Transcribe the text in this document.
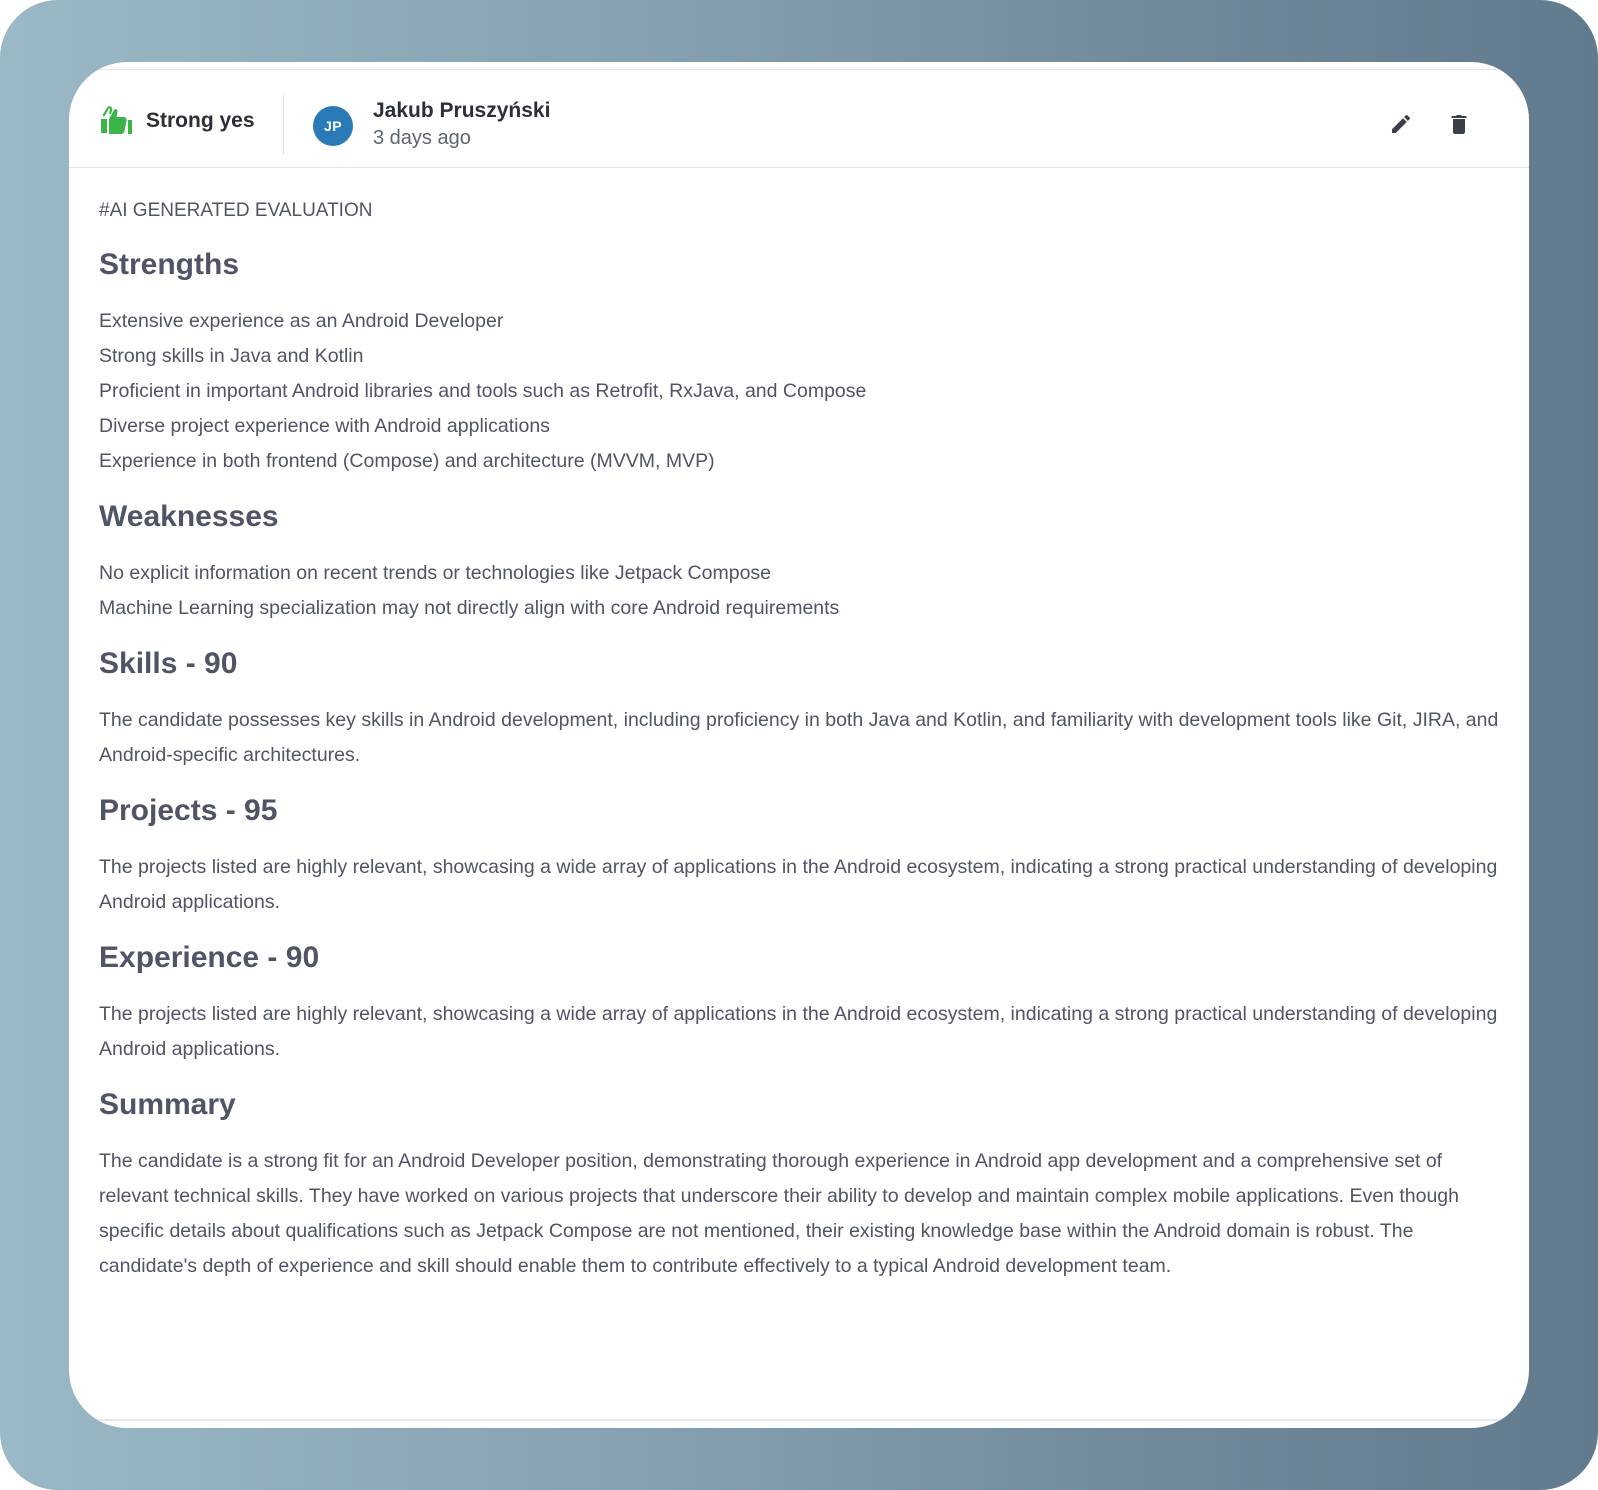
Strong yes	JP
Jakub Pruszyński
3 days ago

#AI GENERATED EVALUATION

Strengths

Extensive experience as an Android Developer

Strong skills in Java and Kotlin

Proficient in important Android libraries and tools such as Retrofit, RxJava, and Compose

Diverse project experience with Android applications

Experience in both frontend (Compose) and architecture (MVVM, MVP)

Weaknesses

No explicit information on recent trends or technologies like Jetpack Compose

Machine Learning specialization may not directly align with core Android requirements

Skills - 90

The candidate possesses key skills in Android development, including proficiency in both Java and Kotlin, and familiarity with development tools like Git, JIRA, and Android-specific architectures.

Projects - 95

The projects listed are highly relevant, showcasing a wide array of applications in the Android ecosystem, indicating a strong practical understanding of developing Android applications.

Experience - 90

The projects listed are highly relevant, showcasing a wide array of applications in the Android ecosystem, indicating a strong practical understanding of developing Android applications.

Summary

The candidate is a strong fit for an Android Developer position, demonstrating thorough experience in Android app development and a comprehensive set of relevant technical skills. They have worked on various projects that underscore their ability to develop and maintain complex mobile applications. Even though specific details about qualifications such as Jetpack Compose are not mentioned, their existing knowledge base within the Android domain is robust. The candidate's depth of experience and skill should enable them to contribute effectively to a typical Android development team.
